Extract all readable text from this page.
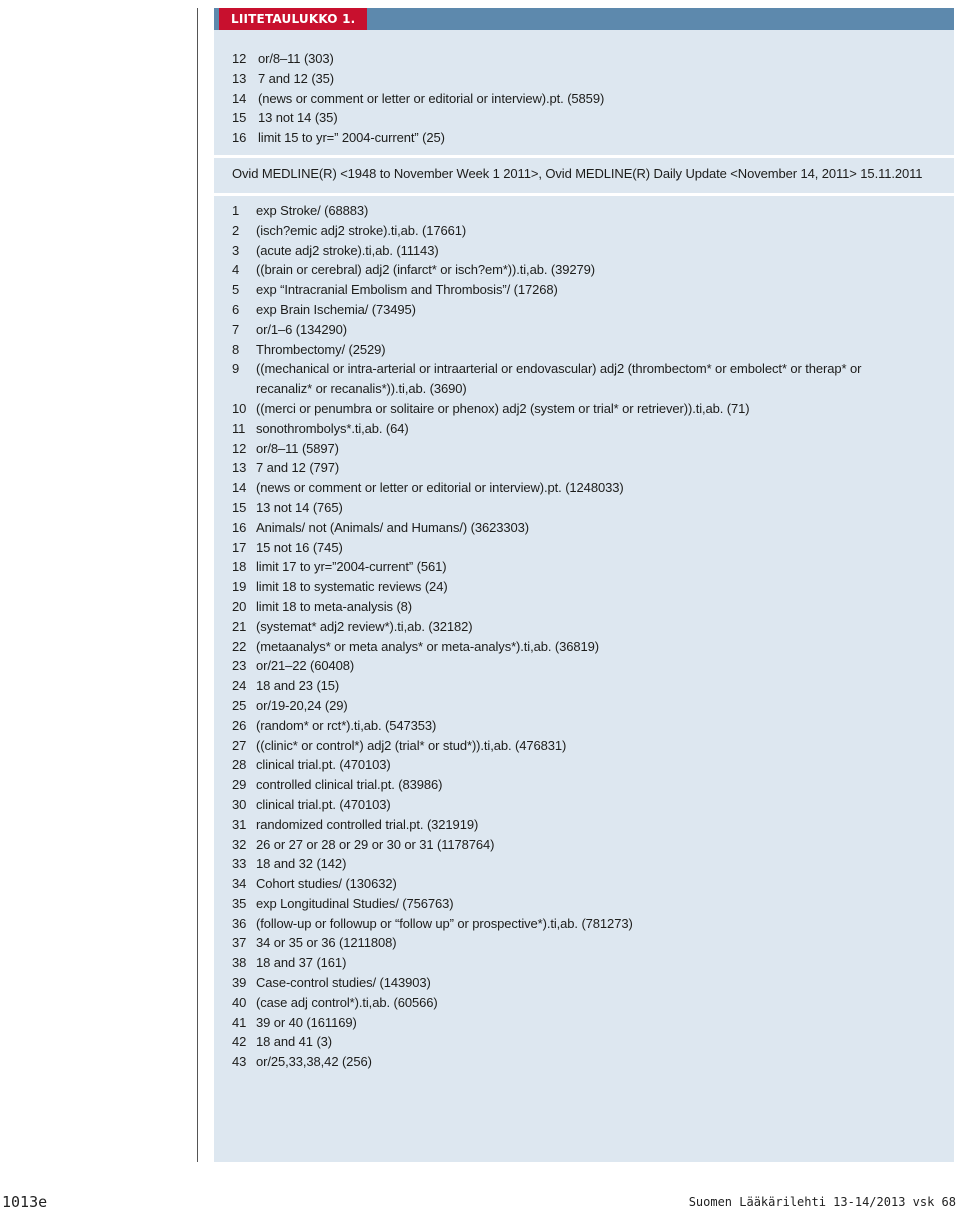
LIITETAULUKKO 1.
12
13
14
15
16
Ovid MEDLINE(R) <1948 to November Week 1 2011>, Ovid MEDLINE(R) Daily Update <November 14, 2011> 15.11.2011
1 exp Stroke/ (68883)
2 (isch?emic adj2 stroke).ti,ab. (17661)
3 (acute adj2 stroke).ti,ab. (11143)
4 ((brain or cerebral) adj2 (infarct* or isch?em*)).ti,ab. (39279)
5 exp “Intracranial Embolism and Thrombosis”/ (17268)
6 exp Brain Ischemia/ (73495)
7 or/1–6 (134290)
8 Thrombectomy/ (2529)
9 ((mechanical or intra-arterial or intraarterial or endovascular) adj2 (thrombectom* or embolect* or therap* or recanaliz* or recanalis*)).ti,ab. (3690)
10 ((merci or penumbra or solitaire or phenox) adj2 (system or trial* or retriever)).ti,ab. (71)
11 sonothrombolys*.ti,ab. (64)
12 or/8–11 (5897)
13 7 and 12 (797)
14 (news or comment or letter or editorial or interview).pt. (1248033)
15 13 not 14 (765)
16 Animals/ not (Animals/ and Humans/) (3623303)
17 15 not 16 (745)
18 limit 17 to yr=”2004-current” (561)
19 limit 18 to systematic reviews (24)
20 limit 18 to meta-analysis (8)
21 (systemat* adj2 review*).ti,ab. (32182)
22 (metaanalys* or meta analys* or meta-analys*).ti,ab. (36819)
23 or/21–22 (60408)
24 18 and 23 (15)
25 or/19-20,24 (29)
26 (random* or rct*).ti,ab. (547353)
27 ((clinic* or control*) adj2 (trial* or stud*)).ti,ab. (476831)
28 clinical trial.pt. (470103)
29 controlled clinical trial.pt. (83986)
30 clinical trial.pt. (470103)
31 randomized controlled trial.pt. (321919)
32 26 or 27 or 28 or 29 or 30 or 31 (1178764)
33 18 and 32 (142)
34 Cohort studies/ (130632)
35 exp Longitudinal Studies/ (756763)
36 (follow-up or followup or “follow up” or prospective*).ti,ab. (781273)
37 34 or 35 or 36 (1211808)
38 18 and 37 (161)
39 Case-control studies/ (143903)
40 (case adj control*).ti,ab. (60566)
41 39 or 40 (161169)
42 18 and 41 (3)
43 or/25,33,38,42 (256)
1013e	Suomen Lääkärilehti 13-14/2013 vsk 68
